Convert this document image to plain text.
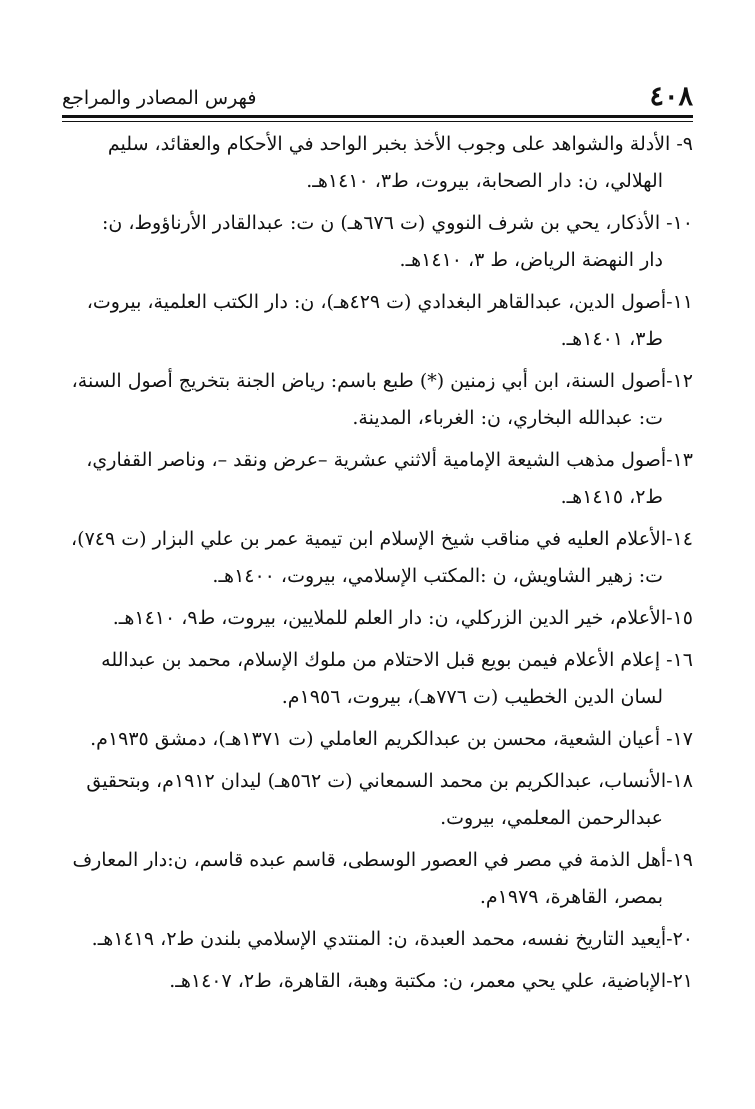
٤٠٨
فهرس المصادر والمراجع

٩- الأدلة والشواهد على وجوب الأخذ بخبر الواحد في الأحكام والعقائد، سليم
الهلالي، ن: دار الصحابة، بيروت، ط٣، ١٤١٠هـ.

١٠- الأذكار، يحي بن شرف النووي (ت ٦٧٦هـ) ن ت: عبدالقادر الأرناؤوط، ن:
دار النهضة الرياض، ط ٣، ١٤١٠هـ.

١١-أصول الدين، عبدالقاهر البغدادي (ت ٤٢٩هـ)، ن: دار الكتب العلمية، بيروت،
ط٣، ١٤٠١هـ.

١٢-أصول السنة، ابن أبي زمنين (*) طبع باسم: رياض الجنة بتخريج أصول السنة،
ت: عبدالله البخاري، ن: الغرباء، المدينة.

١٣-أصول مذهب الشيعة الإمامية ألاثني عشرية –عرض ونقد –، وناصر القفاري،
ط٢، ١٤١٥هـ.

١٤-الأعلام العليه في مناقب شيخ الإسلام ابن تيمية عمر بن علي البزار (ت ٧٤٩)،
ت: زهير الشاويش، ن :المكتب الإسلامي، بيروت، ١٤٠٠هـ.

١٥-الأعلام، خير الدين الزركلي، ن: دار العلم للملايين، بيروت، ط٩، ١٤١٠هـ.

١٦- إعلام الأعلام فيمن بويع قبل الاحتلام من ملوك الإسلام، محمد بن عبدالله
لسان الدين الخطيب (ت ٧٧٦هـ)، بيروت، ١٩٥٦م.

١٧- أعيان الشعية، محسن بن عبدالكريم العاملي (ت ١٣٧١هـ)، دمشق ١٩٣٥م.

١٨-الأنساب، عبدالكريم بن محمد السمعاني (ت ٥٦٢هـ) ليدان ١٩١٢م، وبتحقيق
عبدالرحمن المعلمي، بيروت.

١٩-أهل الذمة في مصر في العصور الوسطى، قاسم عبده قاسم، ن:دار المعارف
بمصر، القاهرة، ١٩٧٩م.

٢٠-أيعيد التاريخ نفسه، محمد العبدة، ن: المنتدي الإسلامي بلندن ط٢، ١٤١٩هـ.

٢١-الإباضية، علي يحي معمر، ن: مكتبة وهبة، القاهرة، ط٢، ١٤٠٧هـ.
